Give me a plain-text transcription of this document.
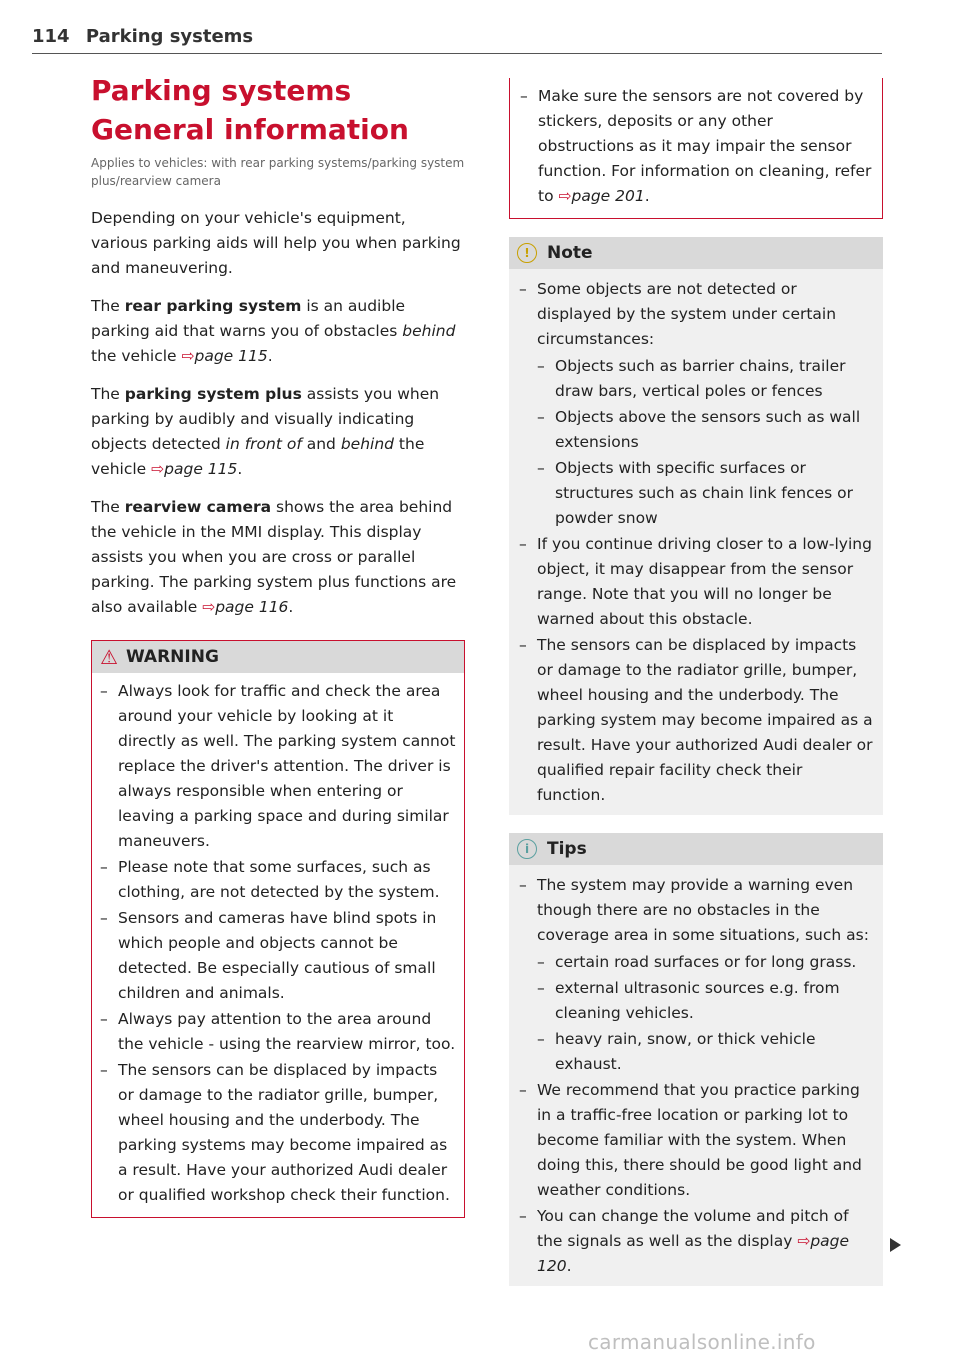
114 Parking systems
Parking systems
General information
Applies to vehicles: with rear parking systems/parking system plus/rearview camera

Depending on your vehicle's equipment, various parking aids will help you when parking and maneuvering.

The rear parking system is an audible parking aid that warns you of obstacles behind the vehicle ⇨page 115.

The parking system plus assists you when parking by audibly and visually indicating objects detected in front of and behind the vehicle ⇨page 115.

The rearview camera shows the area behind the vehicle in the MMI display. This display assists you when you are cross or parallel parking. The parking system plus functions are also available ⇨page 116.

⚠ WARNING
– Always look for traffic and check the area around your vehicle by looking at it directly as well. The parking system cannot replace the driver's attention. The driver is always responsible when entering or leaving a parking space and during similar maneuvers.
– Please note that some surfaces, such as clothing, are not detected by the system.
– Sensors and cameras have blind spots in which people and objects cannot be detected. Be especially cautious of small children and animals.
– Always pay attention to the area around the vehicle - using the rearview mirror, too.
– The sensors can be displaced by impacts or damage to the radiator grille, bumper, wheel housing and the underbody. The parking systems may become impaired as a result. Have your authorized Audi dealer or qualified workshop check their function.
– Make sure the sensors are not covered by stickers, deposits or any other obstructions as it may impair the sensor function. For information on cleaning, refer to ⇨page 201.
!	Note
– Some objects are not detected or displayed by the system under certain circumstances:
– Objects such as barrier chains, trailer draw bars, vertical poles or fences
– Objects above the sensors such as wall extensions
– Objects with specific surfaces or structures such as chain link fences or powder snow
– If you continue driving closer to a low-lying object, it may disappear from the sensor range. Note that you will no longer be warned about this obstacle.
– The sensors can be displaced by impacts or damage to the radiator grille, bumper, wheel housing and the underbody. The parking system may become impaired as a result. Have your authorized Audi dealer or qualified repair facility check their function.
i	Tips
– The system may provide a warning even though there are no obstacles in the coverage area in some situations, such as:
– certain road surfaces or for long grass.
– external ultrasonic sources e.g. from cleaning vehicles.
– heavy rain, snow, or thick vehicle exhaust.
– We recommend that you practice parking in a traffic-free location or parking lot to become familiar with the system. When doing this, there should be good light and weather conditions.
– You can change the volume and pitch of the signals as well as the display ⇨page 120.
carmanualsonline.info
